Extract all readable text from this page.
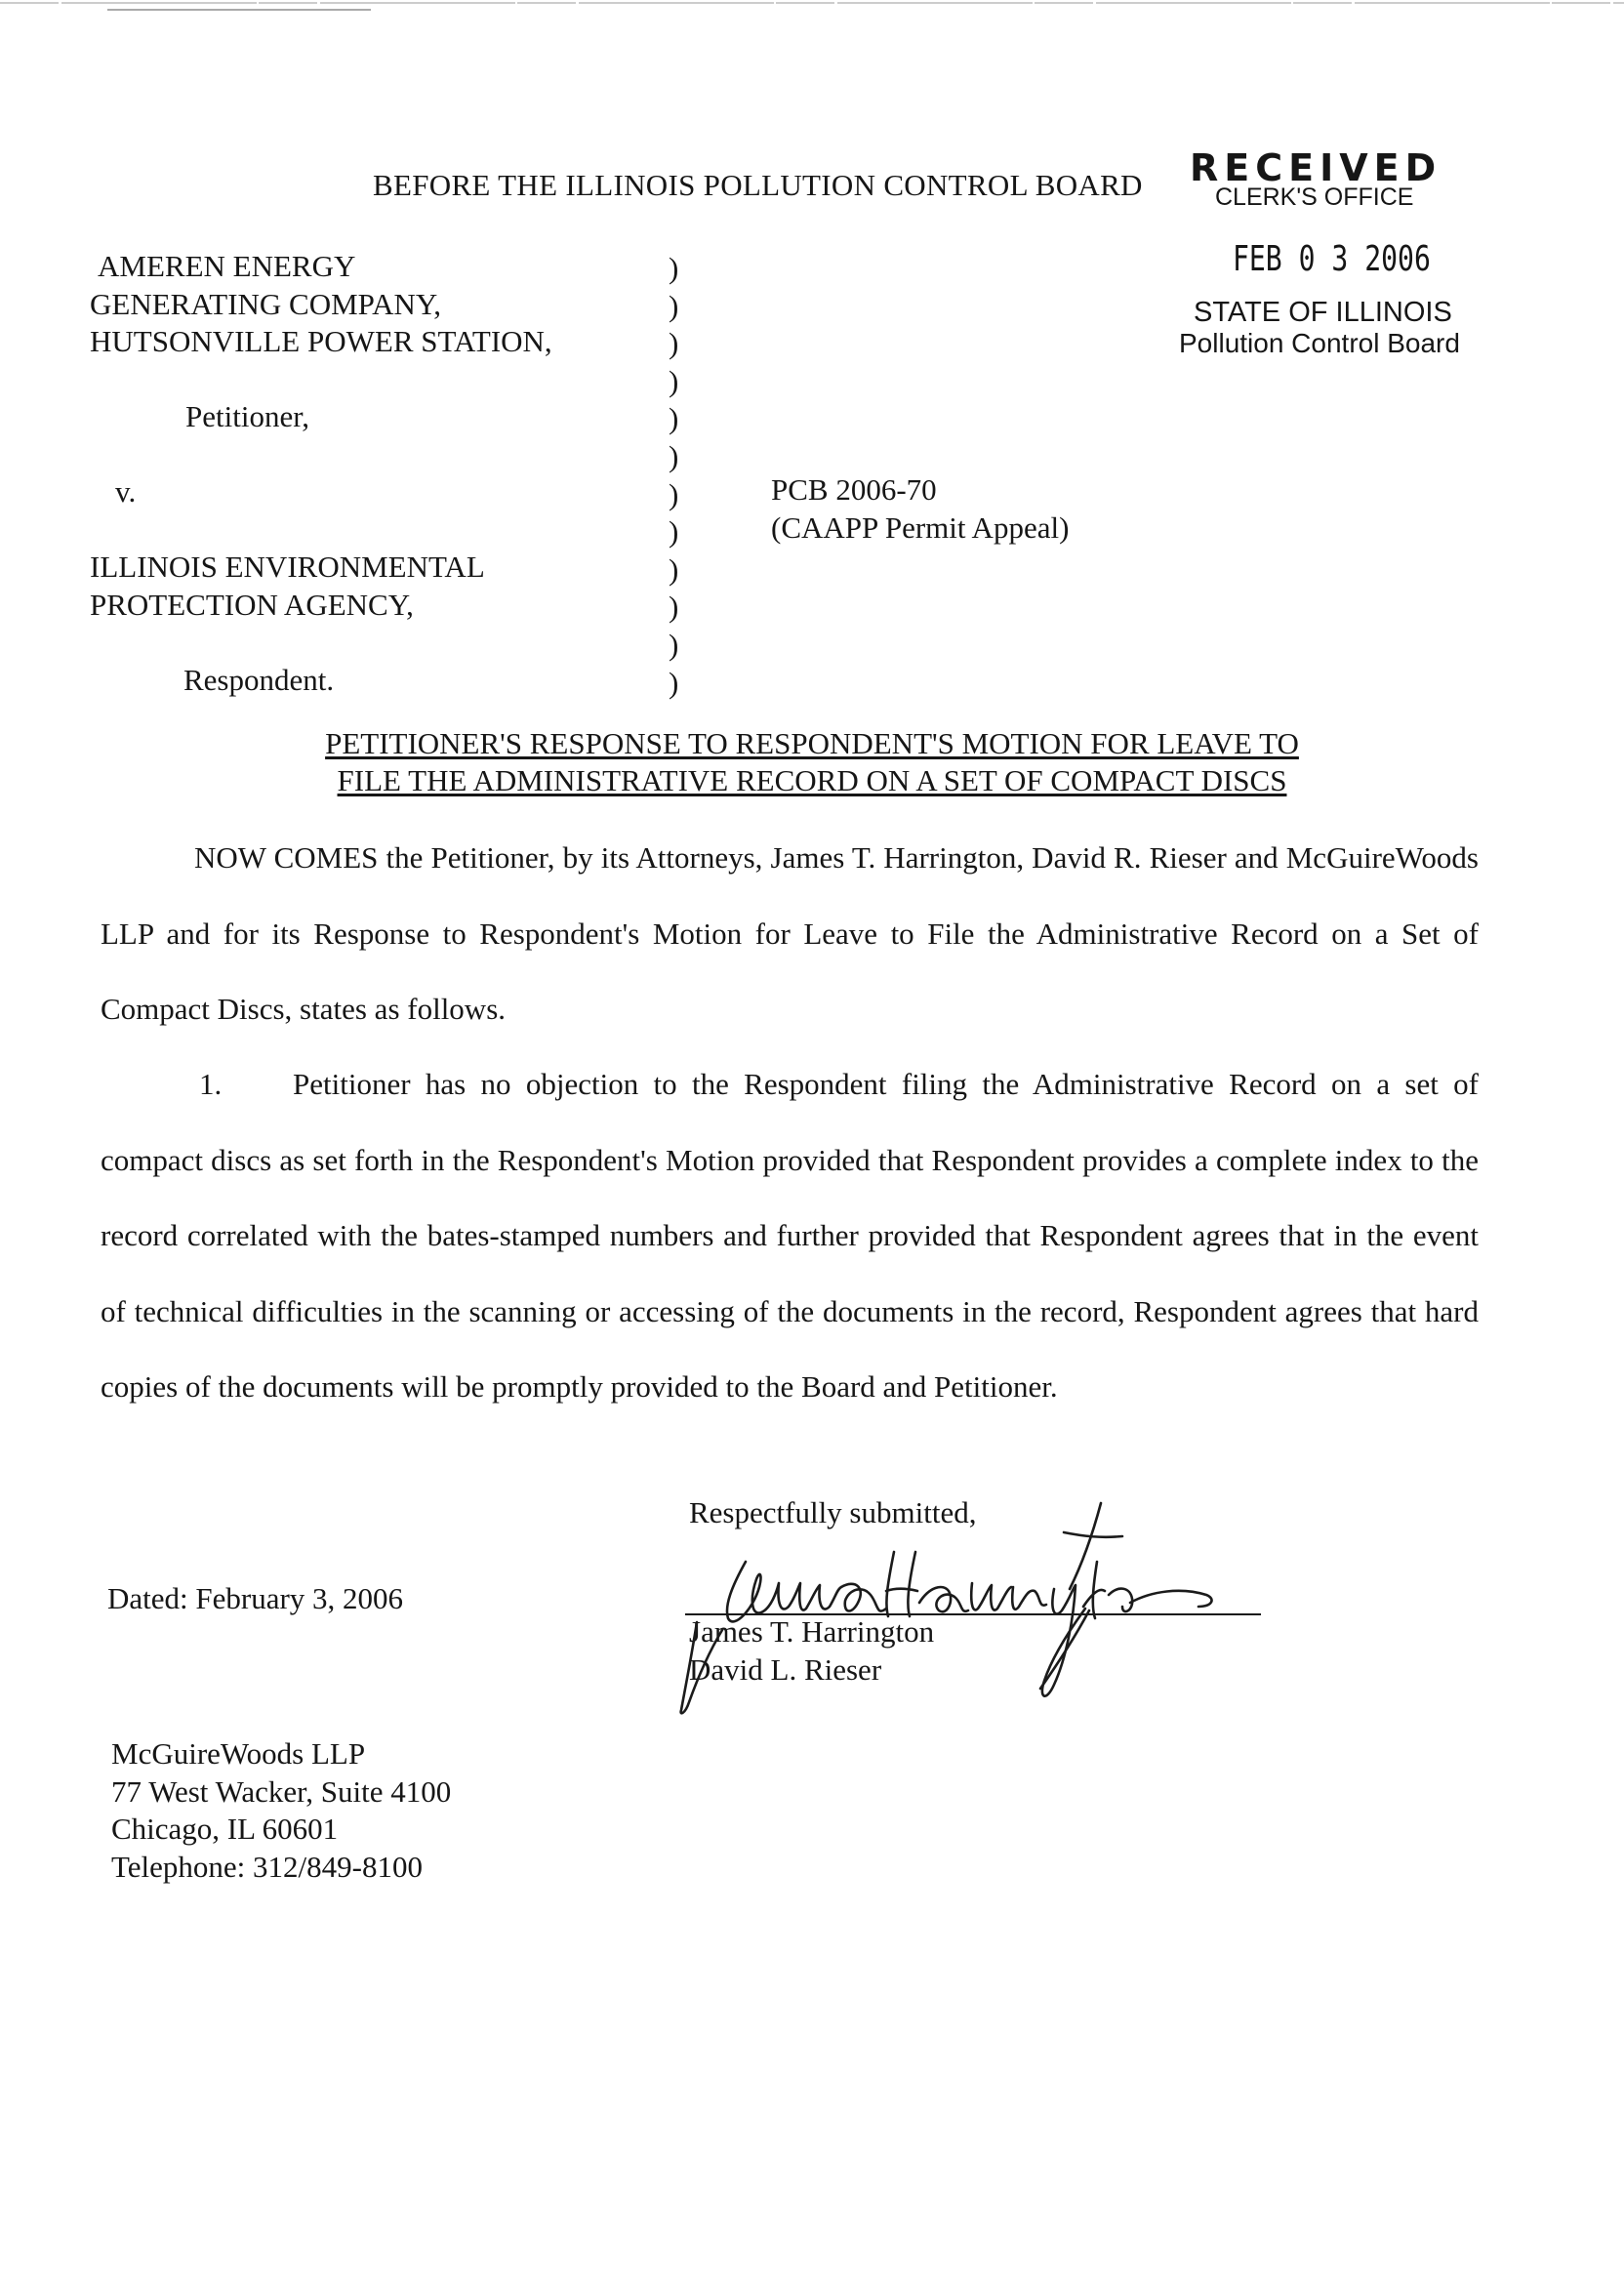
BEFORE THE ILLINOIS POLLUTION CONTROL BOARD RECEIVED
CLERK'S OFFICE
FEB 0 3 2006
STATE OF ILLINOIS
Pollution Control Board
AMEREN ENERGY
GENERATING COMPANY,
HUTSONVILLE POWER STATION,
Petitioner,
v.
ILLINOIS ENVIRONMENTAL
PROTECTION AGENCY,
Respondent.
)
)
)
)
)
)
)
)
)
)
)
)
PCB 2006-70
(CAAPP Permit Appeal)
PETITIONER'S RESPONSE TO RESPONDENT'S MOTION FOR LEAVE TO
FILE THE ADMINISTRATIVE RECORD ON A SET OF COMPACT DISCS
NOW COMES the Petitioner, by its Attorneys, James T. Harrington, David R. Rieser and McGuireWoods LLP and for its Response to Respondent's Motion for Leave to File the Administrative Record on a Set of Compact Discs, states as follows.
1. Petitioner has no objection to the Respondent filing the Administrative Record on a set of compact discs as set forth in the Respondent's Motion provided that Respondent provides a complete index to the record correlated with the bates-stamped numbers and further provided that Respondent agrees that in the event of technical difficulties in the scanning or accessing of the documents in the record, Respondent agrees that hard copies of the documents will be promptly provided to the Board and Petitioner.
Respectfully submitted,
Dated: February 3, 2006
James T. Harrington
David L. Rieser
McGuireWoods LLP
77 West Wacker, Suite 4100
Chicago, IL 60601
Telephone: 312/849-8100
